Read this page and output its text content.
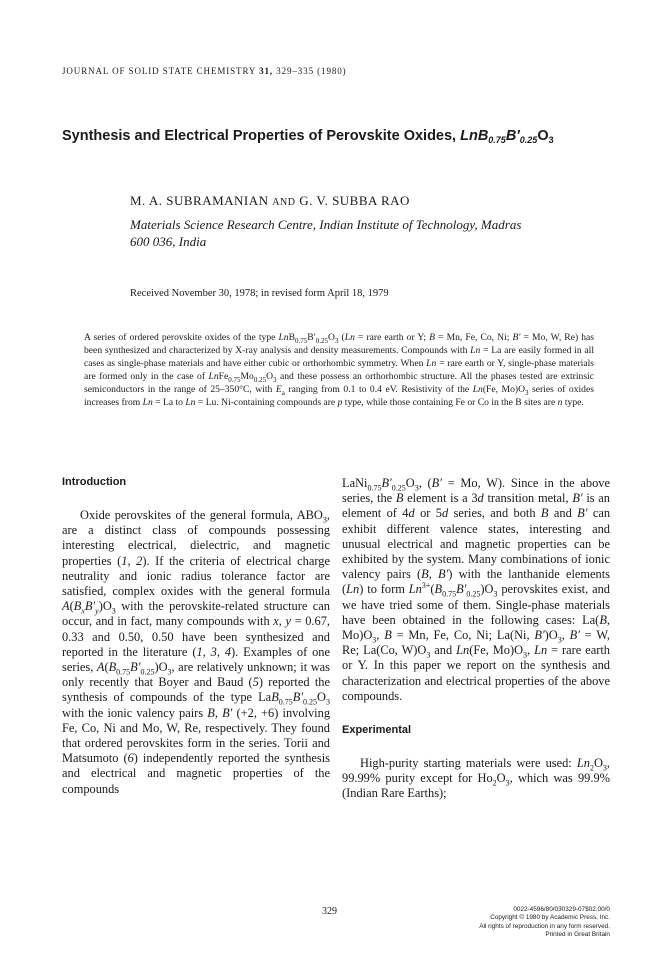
JOURNAL OF SOLID STATE CHEMISTRY 31, 329–335 (1980)
Synthesis and Electrical Properties of Perovskite Oxides, $LnB_{0.75}B'_{0.25}O_3$
M. A. SUBRAMANIAN AND G. V. SUBBA RAO
Materials Science Research Centre, Indian Institute of Technology, Madras
600 036, India
Received November 30, 1978; in revised form April 18, 1979
A series of ordered perovskite oxides of the type $LnB_{0.75}B'_{0.25}O_3$ (Ln = rare earth or Y; B = Mn, Fe, Co, Ni; B′ = Mo, W, Re) has been synthesized and characterized by X-ray analysis and density measurements. Compounds with Ln = La are easily formed in all cases as single-phase materials and have either cubic or orthorhombic symmetry. When Ln = rare earth or Y, single-phase materials are formed only in the case of $LnFe_{0.75}Mo_{0.25}O_3$ and these possess an orthorhombic structure. All the phases tested are extrinsic semiconductors in the range of 25–350°C, with $E_a$ ranging from 0.1 to 0.4 eV. Resistivity of the Ln(Fe, $Mo)O_3$ series of oxides increases from Ln = La to Ln = Lu. Ni-containing compounds are p type, while those containing Fe or Co in the B sites are n type.
Introduction

Oxide perovskites of the general formula, $ABO_3$, are a distinct class of compounds possessing interesting electrical, dielectric, and magnetic properties (1, 2). If the criteria of electrical charge neutrality and ionic radius tolerance factor are satisfied, complex oxides with the general formula $A(B_xB'_y)O_3$ with the perovskite-related structure can occur, and in fact, many compounds with x, y = 0.67, 0.33 and 0.50, 0.50 have been synthesized and reported in the literature (1, 3, 4). Examples of one series, $A(B_{0.75}B'_{0.25})O_3$, are relatively unknown; it was only recently that Boyer and Baud (5) reported the synthesis of compounds of the type $LaB_{0.75}B'_{0.25}O_3$ with the ionic valency pairs B, B′ (+2, +6) involving Fe, Co, Ni and Mo, W, Re, respectively. They found that ordered perovskites form in the series. Torii and Matsumoto (6) independently reported the synthesis and electrical and magnetic properties of the compounds

$LaNi_{0.75}B'_{0.25}O_3$, (B′ = Mo, W). Since in the above series, the B element is a 3d transition metal, B′ is an element of 4d or 5d series, and both B and B′ can exhibit different valence states, interesting and unusual electrical and magnetic properties can be exhibited by the system. Many combinations of ionic valency pairs (B, B′) with the lanthanide elements (Ln) to form $Ln^{3+}(B_{0.75}B'_{0.25})O_3$ perovskites exist, and we have tried some of them. Single-phase materials have been obtained in the following cases: La(B, $Mo)O_3$, B = Mn, Fe, Co, Ni; La(Ni, $B')O_3$, B′ = W, Re; La(Co, $W)O_3$ and Ln(Fe, $Mo)O_3$, Ln = rare earth or Y. In this paper we report on the synthesis and characterization and electrical properties of the above compounds.

Experimental

High-purity starting materials were used: $Ln_2O_3$, 99.99% purity except for $Ho_2O_3$, which was 99.9% (Indian Rare Earths);

329	0022-4596/80/030329-07$02.00/0
Copyright © 1980 by Academic Press, Inc.
All rights of reproduction in any form reserved.
Printed in Great Britain
